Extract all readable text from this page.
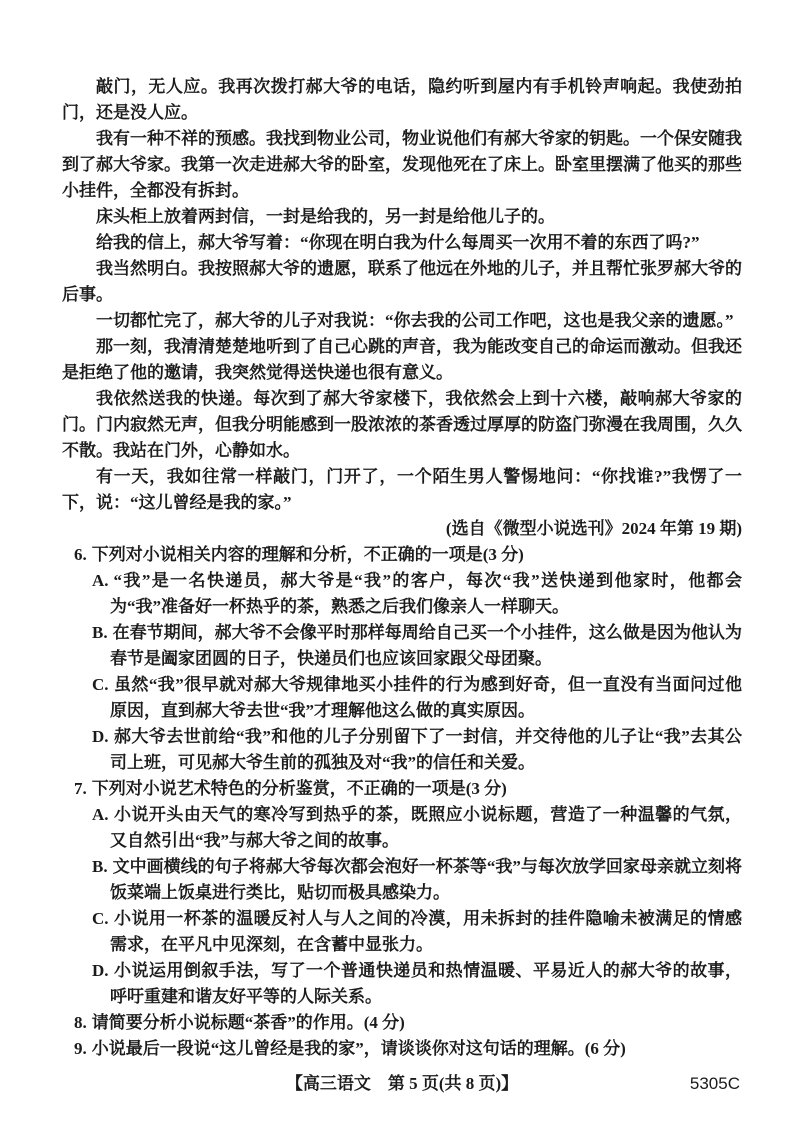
敲门，无人应。我再次拨打郝大爷的电话，隐约听到屋内有手机铃声响起。我使劲拍门，还是没人应。

我有一种不祥的预感。我找到物业公司，物业说他们有郝大爷家的钥匙。一个保安随我到了郝大爷家。我第一次走进郝大爷的卧室，发现他死在了床上。卧室里摆满了他买的那些小挂件，全都没有拆封。

床头柜上放着两封信，一封是给我的，另一封是给他儿子的。

给我的信上，郝大爷写着：“你现在明白我为什么每周买一次用不着的东西了吗?”

我当然明白。我按照郝大爷的遗愿，联系了他远在外地的儿子，并且帮忙张罗郝大爷的后事。

一切都忙完了，郝大爷的儿子对我说：“你去我的公司工作吧，这也是我父亲的遗愿。”

那一刻，我清清楚楚地听到了自己心跳的声音，我为能改变自己的命运而激动。但我还是拒绝了他的邀请，我突然觉得送快递也很有意义。

我依然送我的快递。每次到了郝大爷家楼下，我依然会上到十六楼，敲响郝大爷家的门。门内寂然无声，但我分明能感到一股浓浓的茶香透过厚厚的防盗门弥漫在我周围，久久不散。我站在门外，心静如水。

有一天，我如往常一样敲门，门开了，一个陌生男人警惕地问：“你找谁?”我愣了一下，说：“这儿曾经是我的家。”

(选自《微型小说选刊》2024 年第 19 期)

6. 下列对小说相关内容的理解和分析，不正确的一项是(3 分)

A. “我”是一名快递员，郝大爷是“我”的客户，每次“我”送快递到他家时，他都会为“我”准备好一杯热乎的茶，熟悉之后我们像亲人一样聊天。

B. 在春节期间，郝大爷不会像平时那样每周给自己买一个小挂件，这么做是因为他认为春节是阖家团圆的日子，快递员们也应该回家跟父母团聚。

C. 虽然“我”很早就对郝大爷规律地买小挂件的行为感到好奇，但一直没有当面问过他原因，直到郝大爷去世“我”才理解他这么做的真实原因。

D. 郝大爷去世前给“我”和他的儿子分别留下了一封信，并交待他的儿子让“我”去其公司上班，可见郝大爷生前的孤独及对“我”的信任和关爱。

7. 下列对小说艺术特色的分析鉴赏，不正确的一项是(3 分)

A. 小说开头由天气的寒冷写到热乎的茶，既照应小说标题，营造了一种温馨的气氛，又自然引出“我”与郝大爷之间的故事。

B. 文中画横线的句子将郝大爷每次都会泡好一杯茶等“我”与每次放学回家母亲就立刻将饭菜端上饭桌进行类比，贴切而极具感染力。

C. 小说用一杯茶的温暖反衬人与人之间的冷漠，用未拆封的挂件隐喻未被满足的情感需求，在平凡中见深刻，在含蓄中显张力。

D. 小说运用倒叙手法，写了一个普通快递员和热情温暖、平易近人的郝大爷的故事，呼吁重建和谐友好平等的人际关系。

8. 请简要分析小说标题“茶香”的作用。(4 分)

9. 小说最后一段说“这儿曾经是我的家”，请谈谈你对这句话的理解。(6 分)

【高三语文　第 5 页(共 8 页)】	5305C
